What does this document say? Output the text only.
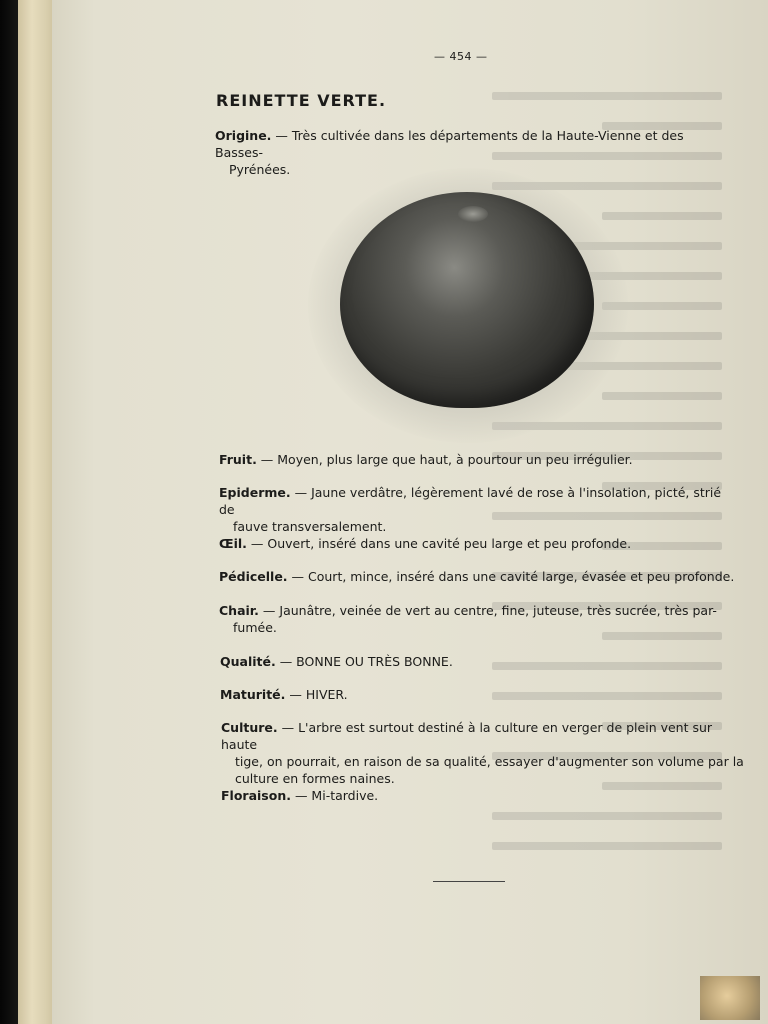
— 454 —
REINETTE VERTE.
Origine. — Très cultivée dans les départements de la Haute-Vienne et des Basses-
Pyrénées.
Fruit. — Moyen, plus large que haut, à pourtour un peu irrégulier.
Epiderme. — Jaune verdâtre, légèrement lavé de rose à l'insolation, picté, strié de
fauve transversalement.
Œil. — Ouvert, inséré dans une cavité peu large et peu profonde.
Pédicelle. — Court, mince, inséré dans une cavité large, évasée et peu profonde.
Chair. — Jaunâtre, veinée de vert au centre, fine, juteuse, très sucrée, très par-
fumée.
Qualité. — BONNE OU TRÈS BONNE.
Maturité. — HIVER.
Culture. — L'arbre est surtout destiné à la culture en verger de plein vent sur haute
tige, on pourrait, en raison de sa qualité, essayer d'augmenter son volume par la
culture en formes naines.
Floraison. — Mi-tardive.
